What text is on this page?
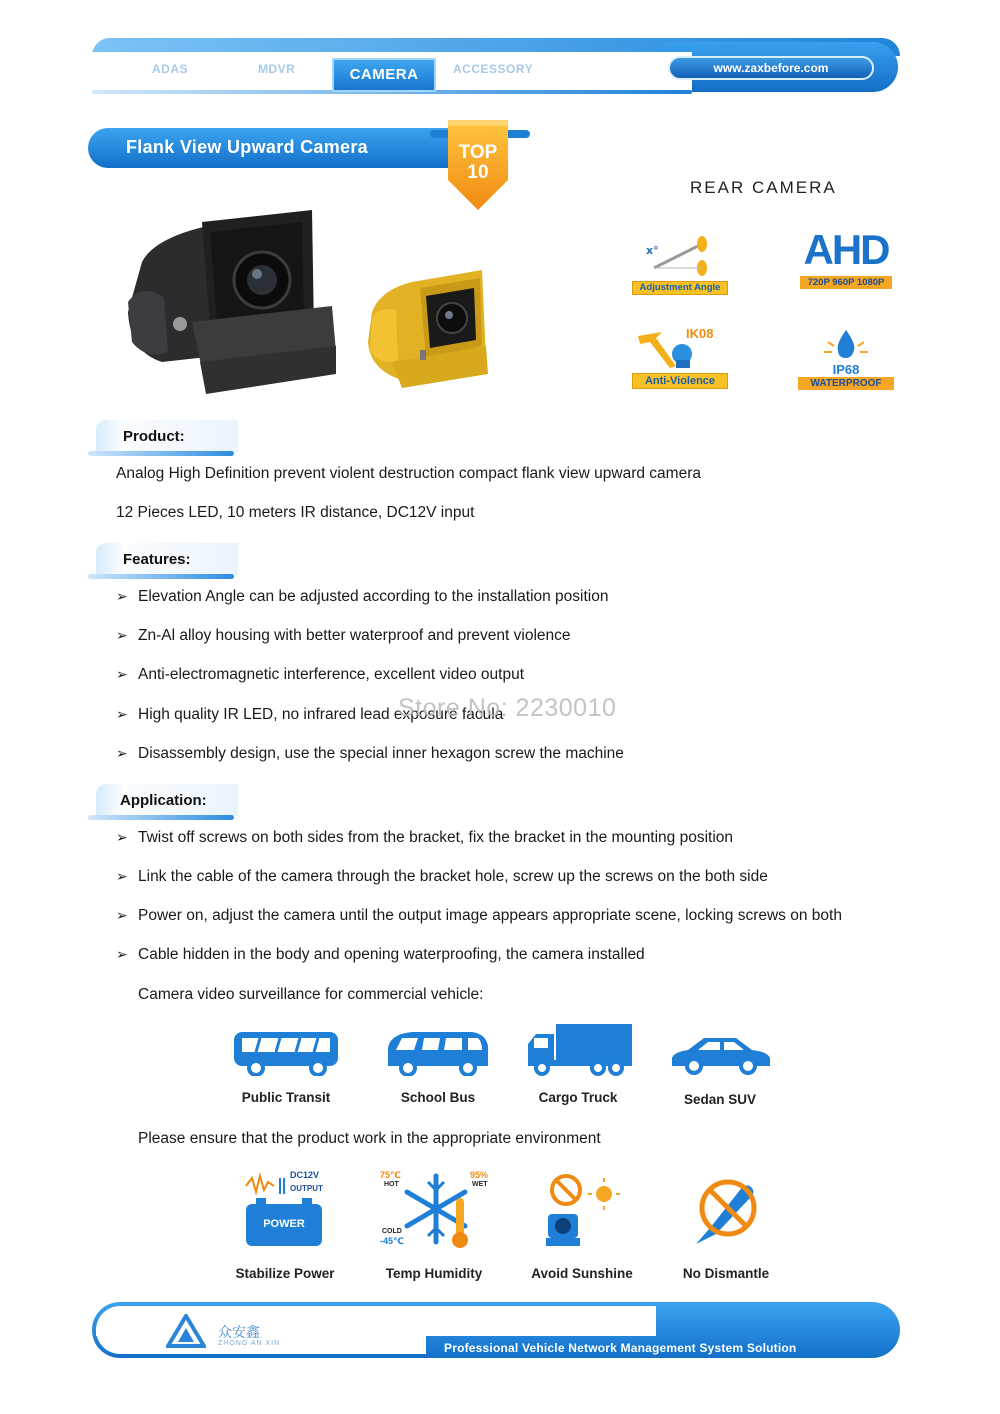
ADAS	MDVR	CAMERA	ACCESSORY	www.zaxbefore.com
Flank View Upward Camera	TOP
10
REAR CAMERA
x°
Adjustment Angle
AHD
720P 960P 1080P
IK08
Anti-Violence
IP68
WATERPROOF
Product:
Analog High Definition prevent violent destruction compact flank view upward camera
12 Pieces LED, 10 meters IR distance, DC12V input
Features:
➢ Elevation Angle can be adjusted according to the installation position
➢ Zn-Al alloy housing with better waterproof and prevent violence
➢ Anti-electromagnetic interference, excellent video output
➢ High quality IR LED, no infrared lead exposure facula
➢ Disassembly design, use the special inner hexagon screw the machine
Store No: 2230010
Application:
➢ Twist off screws on both sides from the bracket, fix the bracket in the mounting position
➢ Link the cable of the camera through the bracket hole, screw up the screws on the both side
➢ Power on, adjust the camera until the output image appears appropriate scene, locking screws on both
➢ Cable hidden in the body and opening waterproofing, the camera installed
Camera video surveillance for commercial vehicle:
Public Transit	School Bus	Cargo Truck	Sedan SUV
Please ensure that the product work in the appropriate environment
DC12V
OUTPUT
POWER
Stabilize Power
75℃
HOT
95%
WET
COLD
-45℃
Temp Humidity	Avoid Sunshine	No Dismantle
众安鑫
ZHONG AN XIN	Professional Vehicle Network Management System Solution
